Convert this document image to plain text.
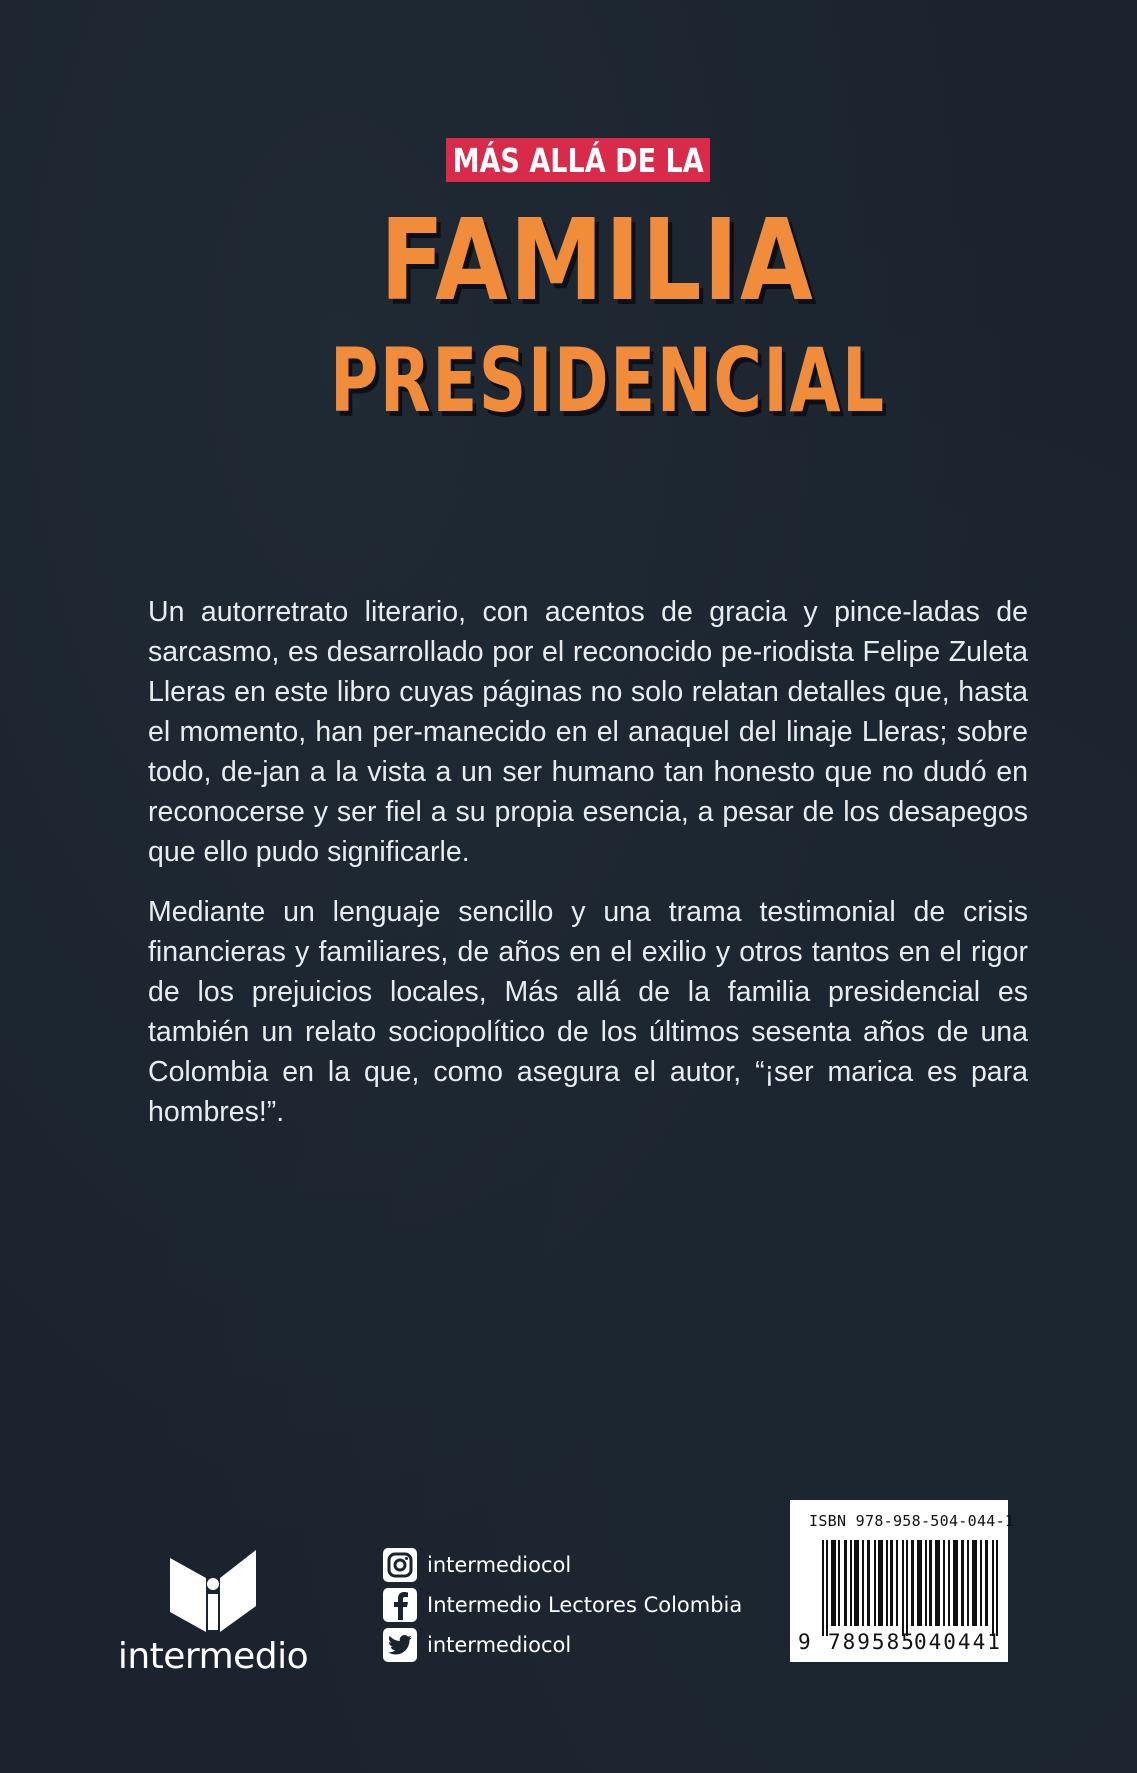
MÁS ALLÁ DE LA
FAMILIA
PRESIDENCIAL

Un autorretrato literario, con acentos de gracia y pince-ladas de sarcasmo, es desarrollado por el reconocido pe-riodista Felipe Zuleta Lleras en este libro cuyas páginas no solo relatan detalles que, hasta el momento, han per-manecido en el anaquel del linaje Lleras; sobre todo, de-jan a la vista a un ser humano tan honesto que no dudó en reconocerse y ser fiel a su propia esencia, a pesar de los desapegos que ello pudo significarle.

Mediante un lenguaje sencillo y una trama testimonial de crisis financieras y familiares, de años en el exilio y otros tantos en el rigor de los prejuicios locales, Más allá de la familia presidencial es también un relato sociopolítico de los últimos sesenta años de una Colombia en la que, como asegura el autor, “¡ser marica es para hombres!”.

intermedio
intermediocol
Intermedio Lectores Colombia
intermediocol
ISBN 978-958-504-044-1
9 789585
040441
